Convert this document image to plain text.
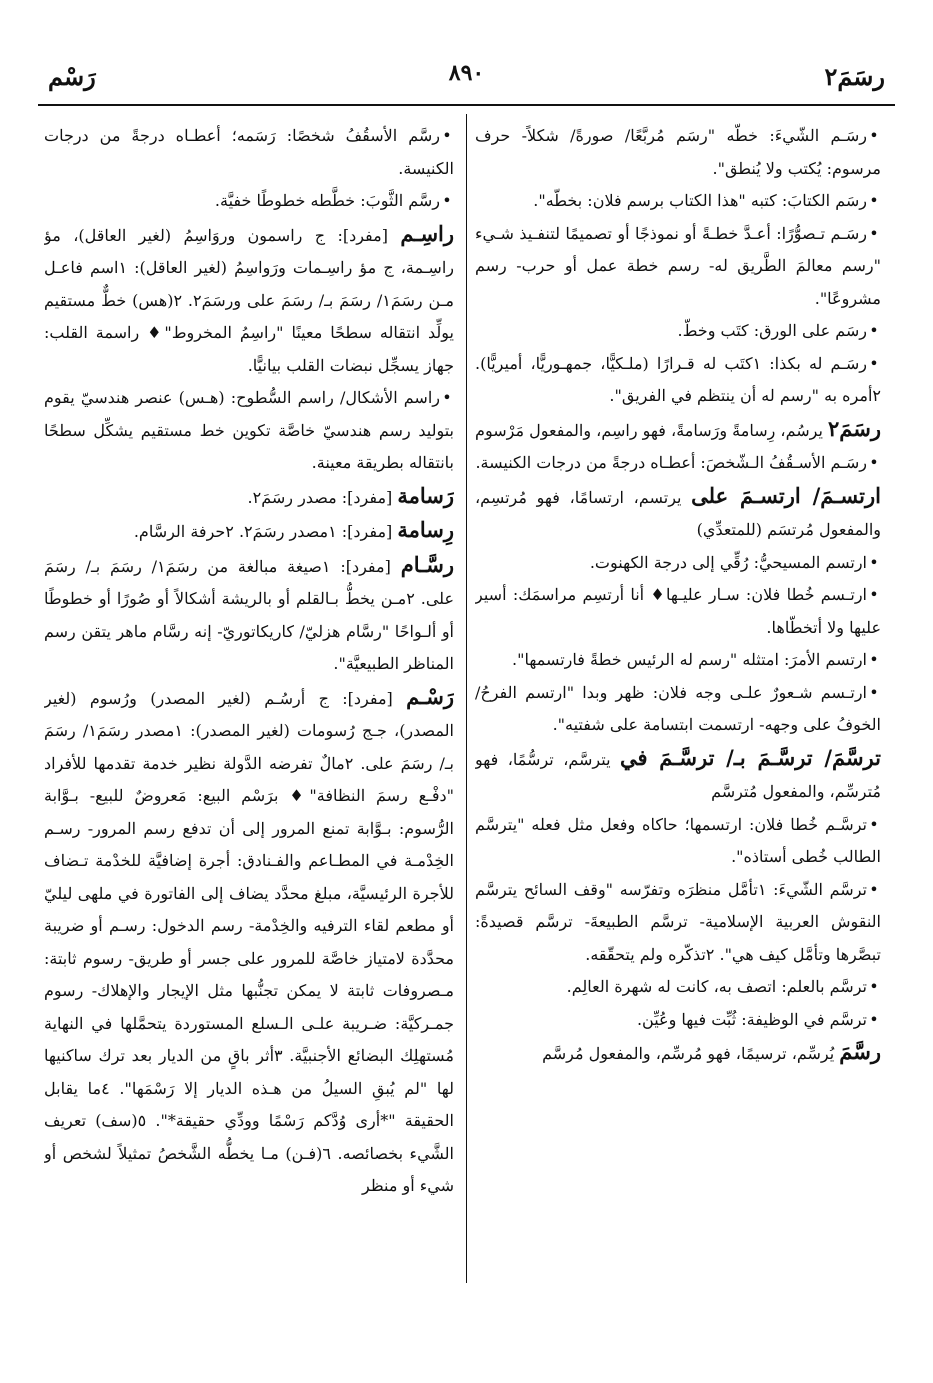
رسَمَ٢
٨٩٠
رَسْم

•رسَـم الشّيءَ: خطّه "رسَم مُربَّعًا/ صورةً/ شكلاً- حرف مرسوم: يُكتب ولا يُنطق".

•رسَم الكتابَ: كتبه "هذا الكتاب برسم فلان: بخطّه".

•رسَـم تـصوُّرًا: أعـدَّ خطـةً أو نموذجًا أو تصميمًا لتنفـيذ شـيء "رسم معالمَ الطَّريق له- رسم خطة عمل أو حرب- رسم مشروعًا".

•رسَم على الورق: كتَب وخطّ.

•رسَـم له بكذا: ١كتَب له قـرارًا (ملـكيًّا، جمهـوريًّا، أميريًّا). ٢أمره به "رسم له أن ينتظم في الفريق".

رسَمَ٢ يرسُم، رِسامةً ورَسامةً، فهو راسِم، والمفعول مَرْسوم

•رسَـم الأسـقُفُ الـشّخصَ: أعطـاه درجةً من درجات الكنيسة.

ارتسـمَ/ ارتسـمَ على يرتسم، ارتسامًا، فهو مُرتسِم، والمفعول مُرتسَم (للمتعدِّي)

•ارتسم المسيحيُّ: رُقِّي إلى درجة الكهنوت.

•ارتـسم خُطا فلان: سـار عليـها♦ أنا أرتسِم مراسمَك: أسير عليها ولا أتخطّاها.

•ارتسم الأمرَ: امتثله "رسم له الرئيس خطةً فارتسمها".

•ارتـسم شـعورٌ علـى وجه فلان: ظهر وبدا "ارتسم الفرحُ/ الخوفُ على وجهه- ارتسمت ابتسامة على شفتيه".

ترسَّمَ/ ترسَّـمَ بـ/ ترسَّـمَ في يترسَّم، ترسُّمًا، فهو مُترسِّم، والمفعول مُترسَّم

•ترسَّـم خُطا فلان: ارتسمها؛ حاكاه وفعل مثل فعله "يترسَّم الطالب خُطى أستاذه".

•ترسَّم الشّيءَ: ١تأمَّل منظرَه وتفرّسه "وقف السائح يترسَّم النقوش العربية الإسلامية- ترسَّم الطبيعةَ- ترسَّم قصيدةً: تبصَّرها وتأمَّل كيف هي". ٢تذكّره ولم يتحقّقه.

•ترسَّم بالعلم: اتصف به، كانت له شهرة العالِم.

•ترسَّم في الوظيفة: ثُبِّت فيها وعُيِّن.

رسَّمَ يُرسِّم، ترسيمًا، فهو مُرسِّم، والمفعول مُرسَّم

•رسَّم الأسقُفُ شخصًا: رَسَمه؛ أعطـاه درجةً من درجات الكنيسة.

•رسَّم الثَّوبَ: خطَّطه خطوطًا خفيَّة.

راسِـم [مفرد]: ج راسمون وروَاسِمُ (لغير العاقل)، مؤ راسِـمة، ج مؤ راسِـمات ورَواسِمُ (لغير العاقل): ١اسم فاعـل مـن رسَمَ١/ رسَمَ بـ/ رسَمَ على ورسَمَ٢. ٢(هس) خطٌّ مستقيم يولِّد انتقاله سطحًا معينًا "راسِمُ المخروط"♦ راسمة القلب: جهاز يسجِّل نبضات القلب بيانيًّا.

•راسم الأشكال/ راسم السُّطوح: (هـس) عنصر هندسيّ يقوم بتوليد رسم هندسيّ خاصَّة تكوين خط مستقيم يشكِّل سطحًا بانتقاله بطريقة معينة.

رَسامة [مفرد]: مصدر رسَمَ٢.

رِسامة [مفرد]: ١مصدر رسَمَ٢. ٢حرفة الرسَّام.

رسَّـام [مفرد]: ١صيغة مبالغة من رسَمَ١/ رسَمَ بـ/ رسَمَ على. ٢مـن يخطُّ بـالقلم أو بالريشة أشكالاً أو صُورًا أو خطوطًا أو ألـواحًا "رسَّام هزليّ/ كاريكاتوريّ- إنه رسَّام ماهر يتقن رسم المناظر الطبيعيَّة".

رَسْـم [مفرد]: ج أرسُـم (لغير المصدر) ورُسوم (لغير المصدر)، جـج رُسومات (لغير المصدر): ١مصدر رسَمَ١/ رسَمَ بـ/ رسَمَ على. ٢مالٌ تفرضه الدَّولة نظير خدمة تقدمها للأفراد "دفْـع رسمَ النظافة"♦ برَسْم البيع: مَعروضٌ للبيع- بـوَّابة الرُّسوم: بـوَّابة تمنع المرور إلى أن تدفع رسم المرور- رسـم الخِدْمـة في المطـاعم والفـنادق: أجرة إضافيَّة للخدْمة تـضاف للأجرة الرئيسيَّة، مبلغ محدَّد يضاف إلى الفاتورة في ملهى ليليّ أو مطعم لقاء الترفيه والخِدْمة- رسم الدخول: رسـم أو ضريبة محدَّدة لامتياز خاصَّة للمرور على جسر أو طريق- رسوم ثابتة: مـصروفات ثابتة لا يمكن تجنُّبها مثل الإيجار والإهلاك- رسوم جمـركيَّة: ضـريبة علـى الـسلع المستوردة يتحمَّلها في النهاية مُستهلِك البضائع الأجنبيَّة. ٣أثر باقٍ من الديار بعد ترك ساكنيها لها "لم يُبقِ السيلُ من هـذه الديار إلا رَسْمَها". ٤ما يقابل الحقيقة "*أرى وُدَّكم رَسْمًا وودِّي حقيقة*". ٥(سف) تعريف الشَّيء بخصائصه. ٦(فـن) مـا يخطُّه الشَّخصُ تمثيلاً لشخص أو شيء أو منظر
